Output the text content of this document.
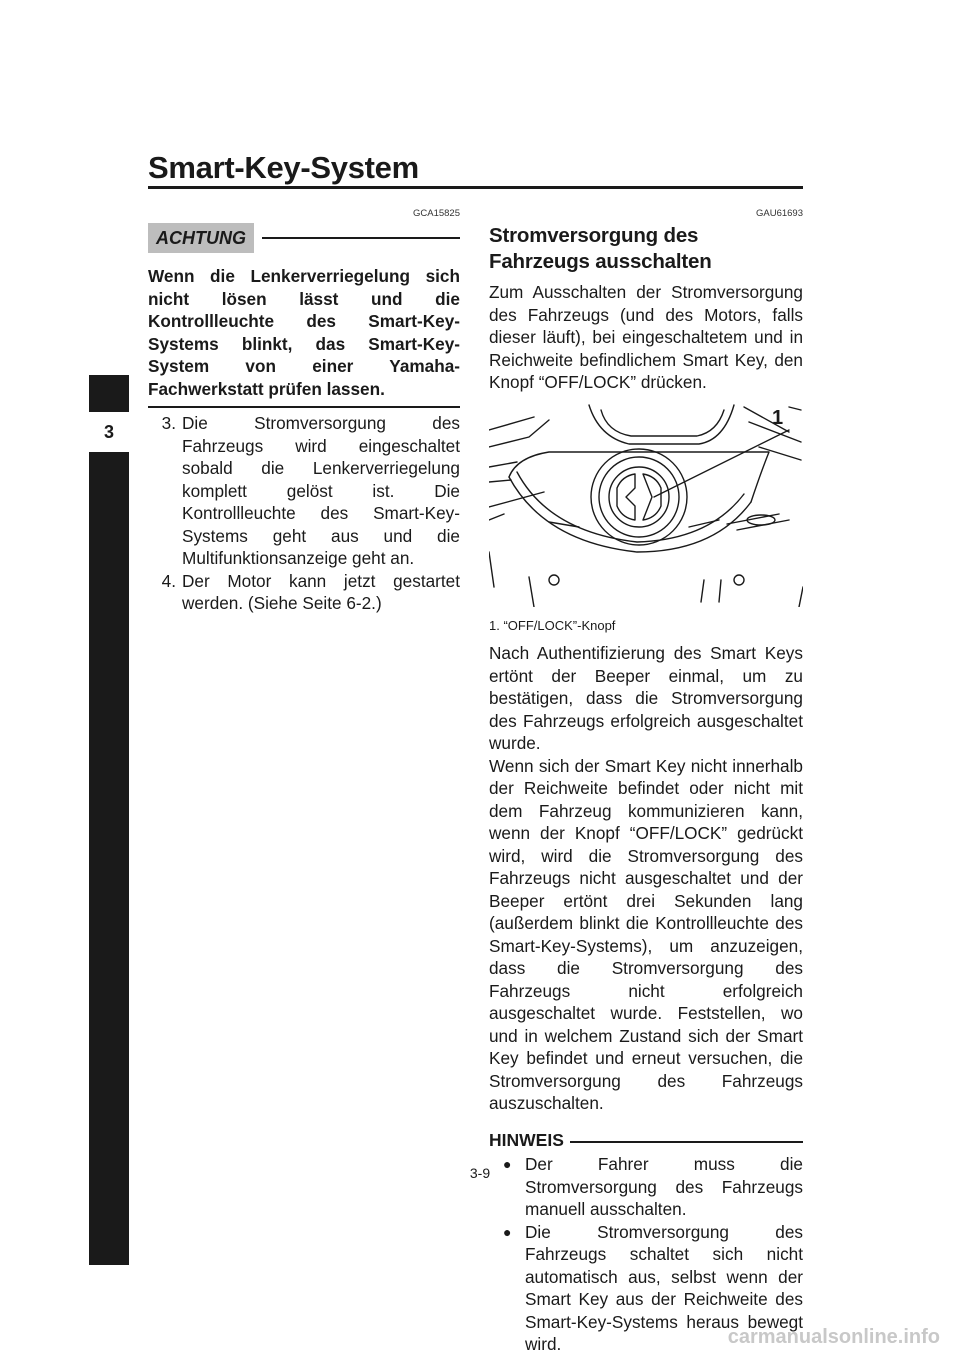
Smart-Key-System
3
GCA15825
ACHTUNG

Wenn die Lenkerverriegelung sich nicht lösen lässt und die Kontrollleuchte des Smart-Key-Systems blinkt, das Smart-Key-System von einer Yamaha-Fachwerkstatt prüfen lassen.

3. Die Stromversorgung des Fahrzeugs wird eingeschaltet sobald die Lenkerverriegelung komplett gelöst ist. Die Kontrollleuchte des Smart-Key-Systems geht aus und die Multifunktionsanzeige geht an.
4. Der Motor kann jetzt gestartet werden. (Siehe Seite 6-2.)
GAU61693
Stromversorgung des Fahrzeugs ausschalten

Zum Ausschalten der Stromversorgung des Fahrzeugs (und des Motors, falls dieser läuft), bei eingeschaltetem und in Reichweite befindlichem Smart Key, den Knopf “OFF/LOCK” drücken.

1
1. “OFF/LOCK”-Knopf

Nach Authentifizierung des Smart Keys ertönt der Beeper einmal, um zu bestätigen, dass die Stromversorgung des Fahrzeugs erfolgreich ausgeschaltet wurde.

Wenn sich der Smart Key nicht innerhalb der Reichweite befindet oder nicht mit dem Fahrzeug kommunizieren kann, wenn der Knopf “OFF/LOCK” gedrückt wird, wird die Stromversorgung des Fahrzeugs nicht ausgeschaltet und der Beeper ertönt drei Sekunden lang (außerdem blinkt die Kontrollleuchte des Smart-Key-Systems), um anzuzeigen, dass die Stromversorgung des Fahrzeugs nicht erfolgreich ausgeschaltet wurde. Feststellen, wo und in welchem Zustand sich der Smart Key befindet und erneut versuchen, die Stromversorgung des Fahrzeugs auszuschalten.

HINWEIS
● Der Fahrer muss die Stromversorgung des Fahrzeugs manuell ausschalten.
● Die Stromversorgung des Fahrzeugs schaltet sich nicht automatisch aus, selbst wenn der Smart Key aus der Reichweite des Smart-Key-Systems heraus bewegt wird.
3-9
carmanualsonline.info
